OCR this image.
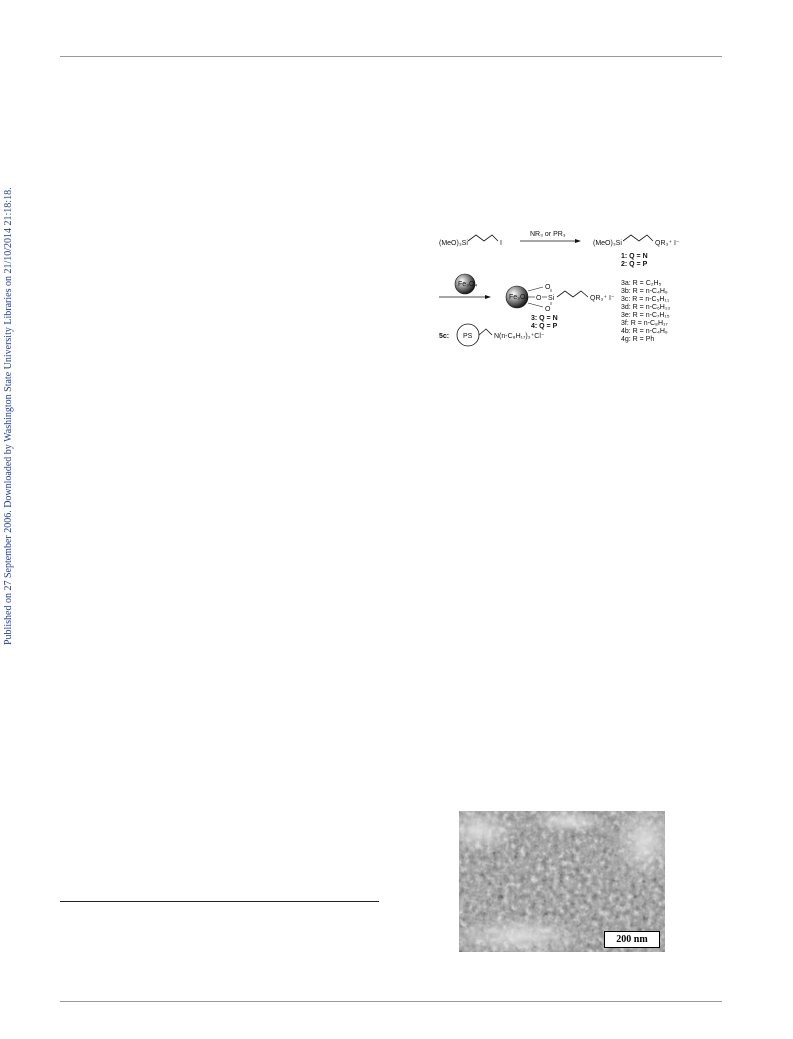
Published on 27 September 2006. Downloaded by Washington State University Libraries on 21/10/2014 21:18:18.	(MeO)₃Si	I
NR₃ or PR₃
(MeO)₃Si	QR₃⁺ I⁻
1: Q = N
2: Q = P
Fe₃O₄
Fe₃O₄
O
O
O
Si	QR₃⁺ I⁻
3: Q = N
4: Q = P
5c: PS	N(n-C₈H₁₇)₃⁺Cl⁻
3a: R = C₂H₅
3b: R = n-C₄H₉
3c: R = n-C₅H₁₁
3d: R = n-C₆H₁₃
3e: R = n-C₇H₁₅
3f: R = n-C₈H₁₇
4b: R = n-C₄H₉
4g: R = Ph
200 nm
